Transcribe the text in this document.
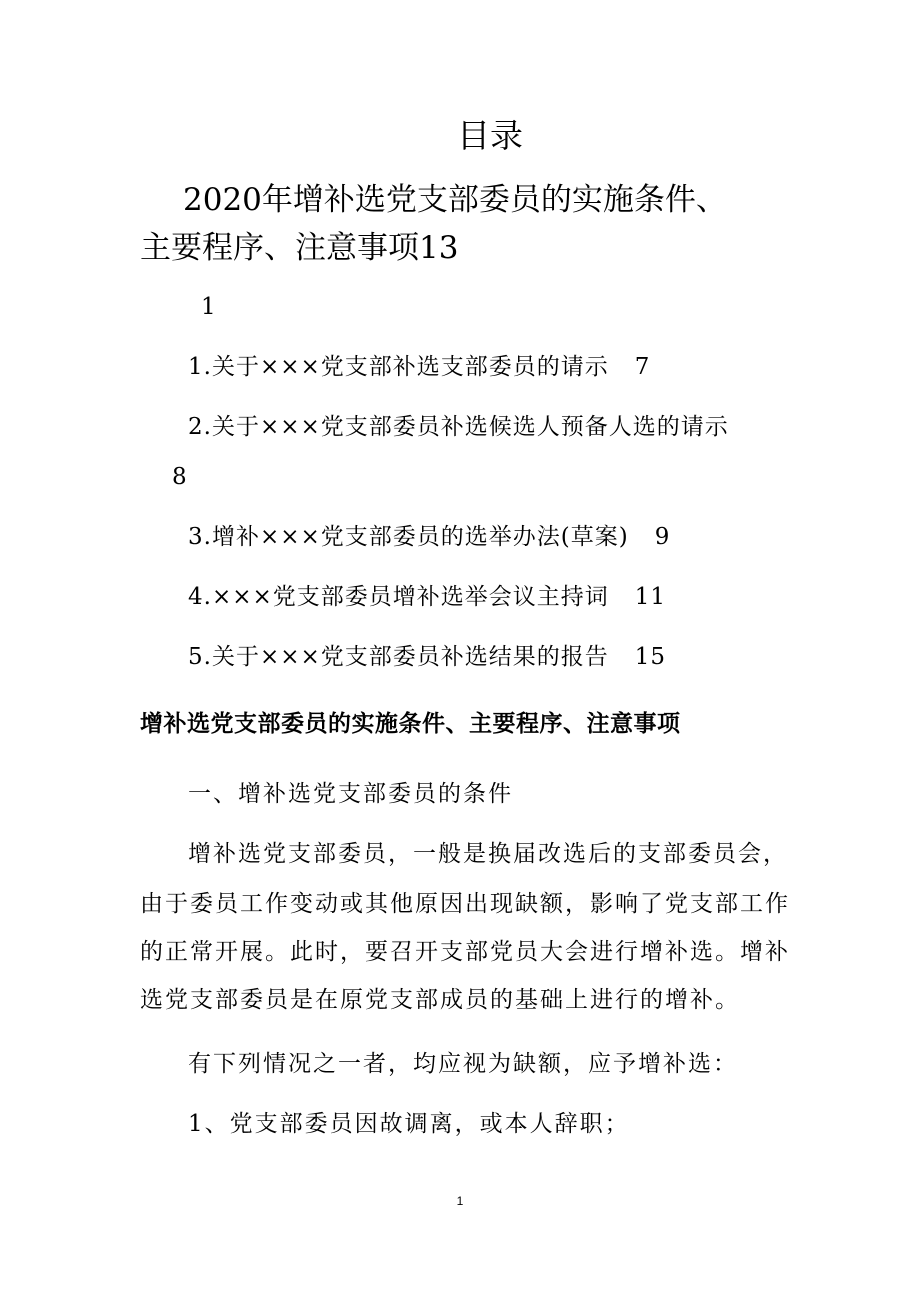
目录
2020年增补选党支部委员的实施条件、
主要程序、注意事项13
1
1.关于×××党支部补选支部委员的请示 7
2.关于×××党支部委员补选候选人预备人选的请示
8
3.增补×××党支部委员的选举办法(草案) 9
4.×××党支部委员增补选举会议主持词 11
5.关于×××党支部委员补选结果的报告 15
增补选党支部委员的实施条件、主要程序、注意事项
一、增补选党支部委员的条件
增补选党支部委员，一般是换届改选后的支部委员会，
由于委员工作变动或其他原因出现缺额，影响了党支部工作
的正常开展。此时，要召开支部党员大会进行增补选。增补
选党支部委员是在原党支部成员的基础上进行的增补。
有下列情况之一者，均应视为缺额，应予增补选：
1、党支部委员因故调离，或本人辞职；
1
